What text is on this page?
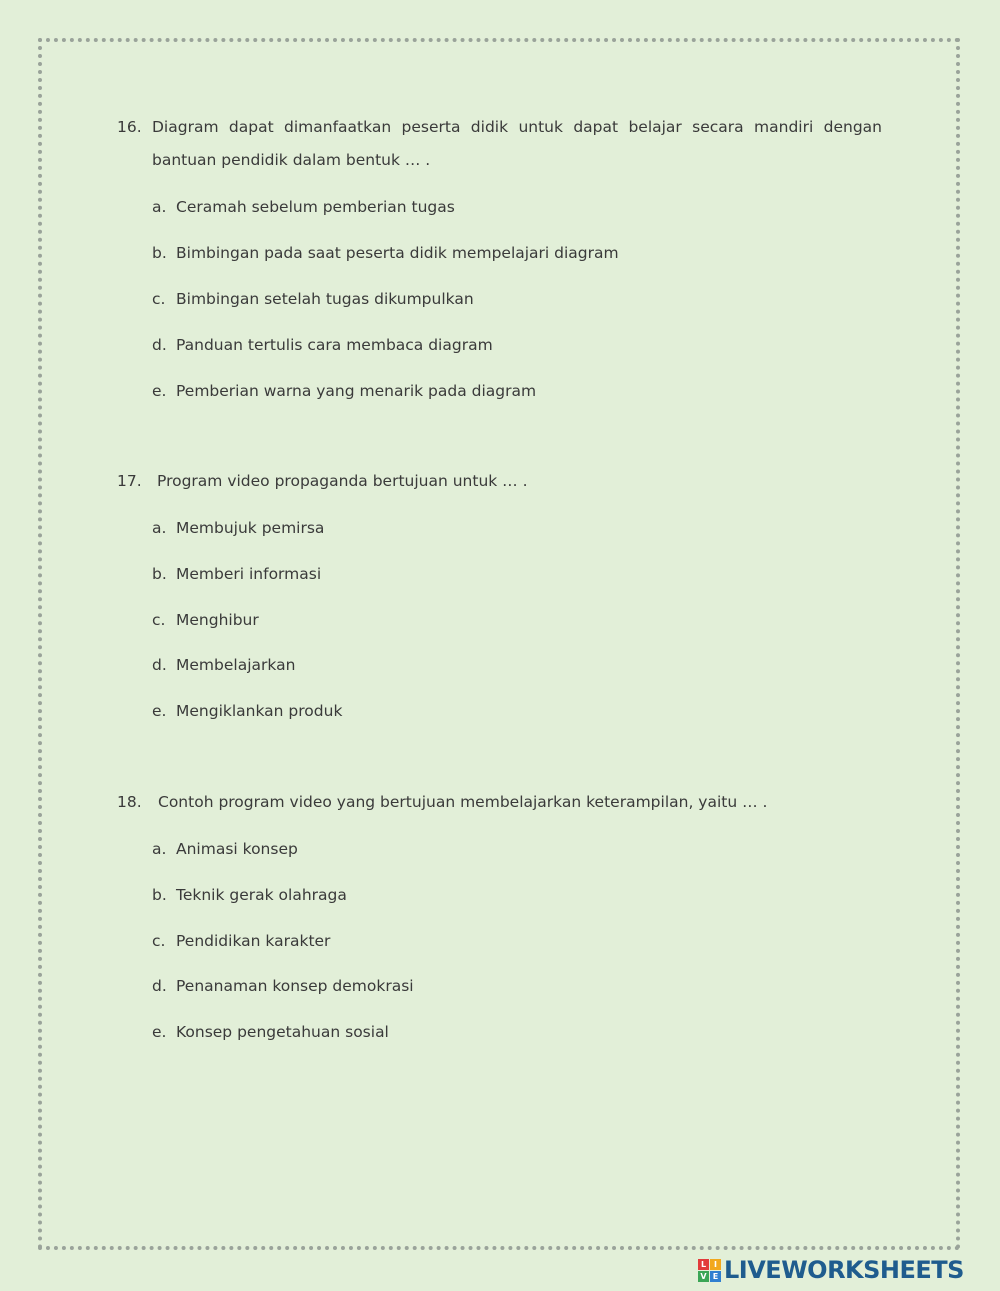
16. Diagram dapat dimanfaatkan peserta didik untuk dapat belajar secara mandiri dengan bantuan pendidik dalam bentuk … .
a. Ceramah sebelum pemberian tugas
b. Bimbingan pada saat peserta didik mempelajari diagram
c. Bimbingan setelah tugas dikumpulkan
d. Panduan tertulis cara membaca diagram
e. Pemberian warna yang menarik pada diagram
17. Program video propaganda bertujuan untuk … .
a. Membujuk pemirsa
b. Memberi informasi
c. Menghibur
d. Membelajarkan
e. Mengiklankan produk
18.	Contoh program video yang bertujuan membelajarkan keterampilan, yaitu … .
a. Animasi konsep
b. Teknik gerak olahraga
c. Pendidikan karakter
d. Penanaman konsep demokrasi
e. Konsep pengetahuan sosial
L I
V E LIVEWORKSHEETS
